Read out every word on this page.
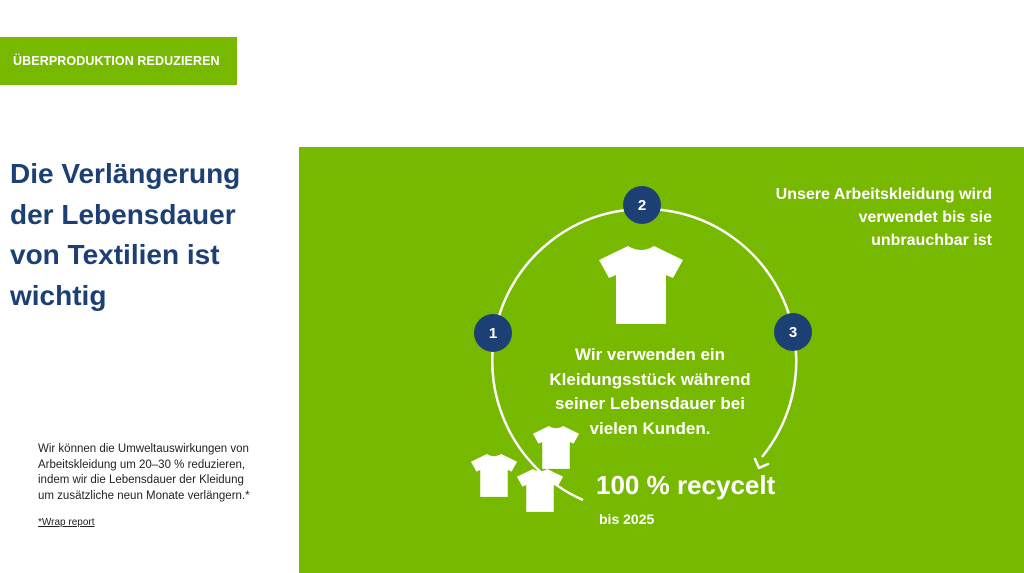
ÜBERPRODUKTION REDUZIEREN
Die Verlängerung
der Lebensdauer
von Textilien ist
wichtig
Wir können die Umweltauswirkungen von
Arbeitskleidung um 20–30 % reduzieren,
indem wir die Lebensdauer der Kleidung
um zusätzliche neun Monate verlängern.*
*Wrap report
1
2
3
Unsere Arbeitskleidung wird
verwendet bis sie
unbrauchbar ist
Wir verwenden ein
Kleidungsstück während
seiner Lebensdauer bei
vielen Kunden.
100 % recycelt
bis 2025
